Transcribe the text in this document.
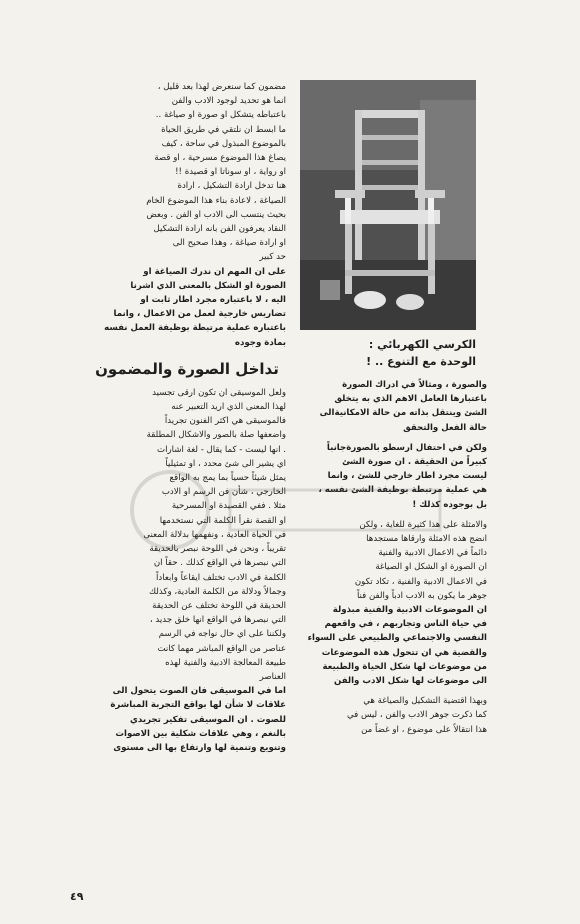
الكرسي الكهربائي :
الوحدة مع التنوع .. !

والصورة ، ومثالاً في ادراك الصورة

باعتبارها العامل الاهم الذي به يتخلق

الشئ وينتقل بذاته من حالة الامكانيةالى

حالة الفعل والتحقق

ولكن في احتفال ارسطو بالصورةجانباً

كبيراً من الحقيقة . ان صورة الشئ

ليست مجرد اطار خارجي للشئ ، وانما

هي عملية مرتبطة بوظيفة الشئ نفسه ،

بل بوجوده كذلك !

والامثلة على هذا كثيرة للغاية ، ولكن

انضج هذه الامثلة وارقاها مستجدها

دائماً في الاعمال الادبية والفنية

ان الصورة او الشكل او الصياغة

في الاعمال الادبية والفنية ، تكاد تكون

جوهر ما يكون به الادب ادباً والفن فناً

ان الموضوعات الادبية والفنية مبذولة

في حياة الناس وتجاربهم ، في واقعهم

النفسي والاجتماعي والطبيعي على السواء

والقضية هي ان تتحول هذه الموضوعات

من موضوعات لها شكل الحياة والطبيعة

الى موضوعات لها شكل الادب والفن

وبهذا اقتضية التشكيل والصياغة هي

كما ذكرت جوهر الادب والفن ، ليس في

هذا انتقالاً على موضوع ، او غضاً من

مضمون كما سنعرض لهذا بعد قليل ،

انما هو تحديد لوجود الادب والفن

باعتباطه يتشكل او صورة او صياغة ..

ما ابسط ان نلتقي في طريق الحياة

بالموضوع المبذول في ساحة ، كيف

يصاغ هذا الموضوع مسرحية ، او قصة

او رواية ، او سوناتا او قصيدة !!

هنا تدخل ارادة التشكيل ، ارادة

الصياغة ، لاعادة بناء هذا الموضوع الخام

بحيث ينتسب الى الادب او الفن . وبعض

النقاد يعرفون الفن بانه ارادة التشكيل

او ارادة صياغة ، وهذا صحيح الى

حد كبير

على ان المهم ان ندرك الصياغة او

الصورة او الشكل بالمعنى الذي اشرنا

اليه ، لا باعتباره مجرد اطار ثابت او

تضاريس خارجية لعمل من الاعمال ، وانما

باعتباره عملية مرتبطة بوظيفة العمل نفسه

بمادة وجوده

تداخل الصورة والمضمون

ولعل الموسيقى ان تكون ارقى تجسيد

لهذا المعنى الذي اريد التعبير عنه

فالموسيقى هي اكثر الفنون تجريداً

واضعفها صلة بالصور والاشكال المطلقة

. انها ليست - كما يقال - لغة اشارات

اي يشير الى شئ محدد ، او تمثيلياً

يمثل شيئاً حسياً بما يمج به الواقع

الخارجي ، شأن فن الرسم او الادب

مثلا . ففي القصيدة او المسرحية

او القصة نقرأ الكلمة التي نستخدمها

في الحياة العادية ، ونفهمها بدلالة المعنى

تقريباً ، ونحن في اللوحة نبصر بالحديقة

التي نبصرها في الواقع كذلك . حقاً ان

الكلمة في الادب تختلف ايقاعاً وابعاداً

وجمالاً ودلالة من الكلمة العادية، وكذلك

الحديقة في اللوحة تختلف عن الحديقة

التي نبصرها في الواقع انها خلق جديد ،

ولكننا على اي حال نواجه في الرسم

عناصر من الواقع المباشر مهما كانت

طبيعة المعالجة الادبية والفنية لهذه

العناصر

اما في الموسيقى فان الصوت يتحول الى

علاقات لا شأن لها بواقع التجربة المباشرة

للصوت . ان الموسيقى تفكير تجريدي

بالنغم ، وهي علاقات شكلية بين الاصوات

وتنويع وتنمية لها وارتفاع بها الى مستوى

٤٩
